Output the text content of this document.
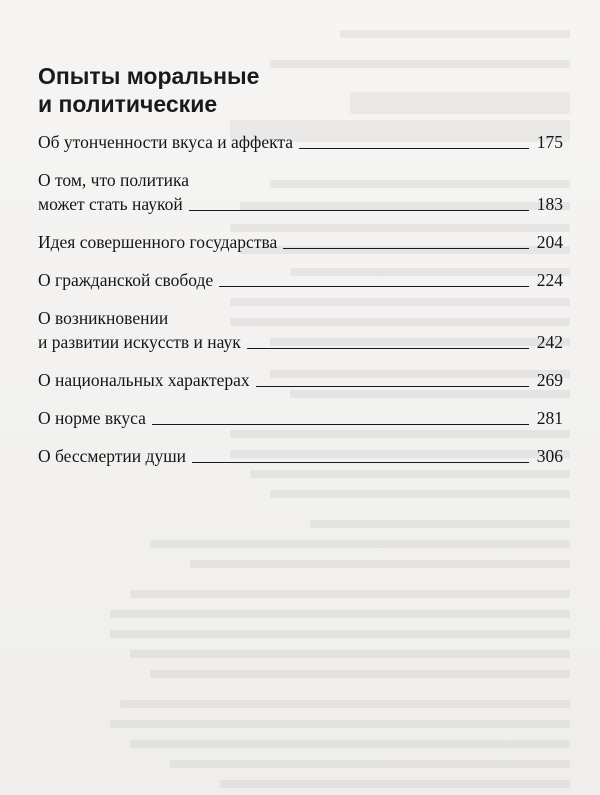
Опыты моральные
и политические
Об утонченности вкуса и аффекта	175
О том, что политика
может стать наукой	183
Идея совершенного государства	204
О гражданской свободе	224
О возникновении
и развитии искусств и наук	242
О национальных характерах	269
О норме вкуса	281
О бессмертии души	306
